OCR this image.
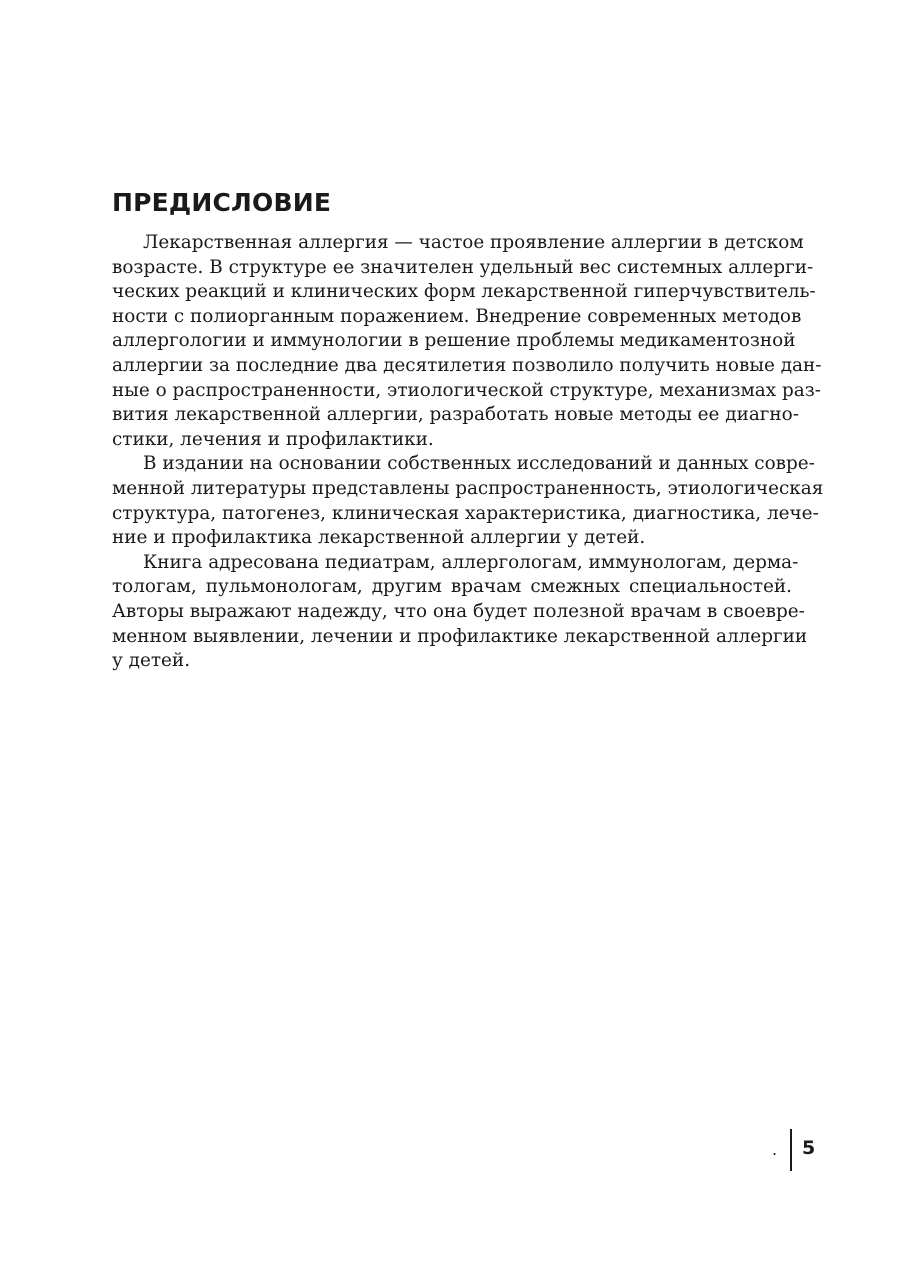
ПРЕДИСЛОВИЕ
Лекарственная аллергия — частое проявление аллергии в детском
возрасте. В структуре ее значителен удельный вес системных аллерги-
ческих реакций и клинических форм лекарственной гиперчувствитель-
ности с полиорганным поражением. Внедрение современных методов
аллергологии и иммунологии в решение проблемы медикаментозной
аллергии за последние два десятилетия позволило получить новые дан-
ные о распространенности, этиологической структуре, механизмах раз-
вития лекарственной аллергии, разработать новые методы ее диагно-
стики, лечения и профилактики.
В издании на основании собственных исследований и данных совре-
менной литературы представлены распространенность, этиологическая
структура, патогенез, клиническая характеристика, диагностика, лече-
ние и профилактика лекарственной аллергии у детей.
Книга адресована педиатрам, аллергологам, иммунологам, дерма-
тологам, пульмонологам, другим врачам смежных специальностей.
Авторы выражают надежду, что она будет полезной врачам в своевре-
менном выявлении, лечении и профилактике лекарственной аллергии
у детей.
. 5
